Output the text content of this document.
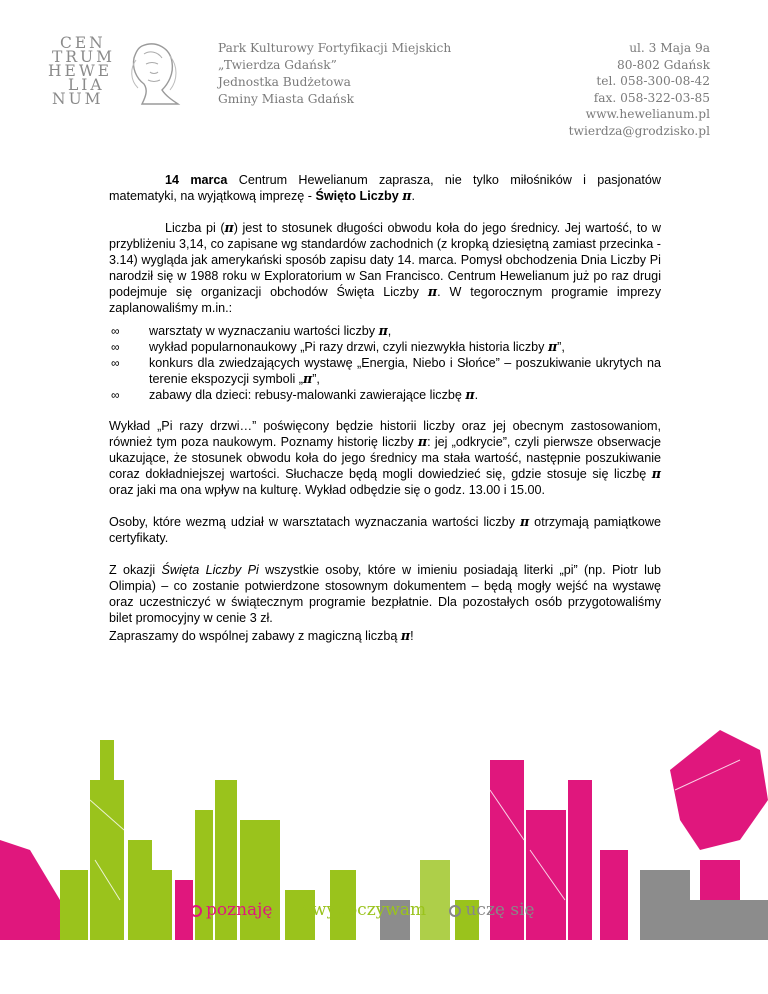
CEN
TRUM
HEWE
LIA
NUM
Park Kulturowy Fortyfikacji Miejskich
„Twierdza Gdańsk”
Jednostka Budżetowa
Gminy Miasta Gdańsk
ul. 3 Maja 9a
80-802 Gdańsk
tel. 058-300-08-42
fax. 058-322-03-85
www.hewelianum.pl
twierdza@grodzisko.pl
14 marca Centrum Hewelianum zaprasza, nie tylko miłośników i pasjonatów matematyki, na wyjątkową imprezę - Święto Liczby π.
Liczba pi (π) jest to stosunek długości obwodu koła do jego średnicy. Jej wartość, to w przybliżeniu 3,14, co zapisane wg standardów zachodnich (z kropką dziesiętną zamiast przecinka - 3.14) wygląda jak amerykański sposób zapisu daty 14. marca. Pomysł obchodzenia Dnia Liczby Pi narodził się w 1988 roku w Exploratorium w San Francisco. Centrum Hewelianum już po raz drugi podejmuje się organizacji obchodów Święta Liczby π. W tegorocznym programie imprezy zaplanowaliśmy m.in.:
∞ warsztaty w wyznaczaniu wartości liczby π,
∞ wykład popularnonaukowy „Pi razy drzwi, czyli niezwykła historia liczby π”,
∞ konkurs dla zwiedzających wystawę „Energia, Niebo i Słońce” – poszukiwanie ukrytych na terenie ekspozycji symboli „π”,
∞ zabawy dla dzieci: rebusy-malowanki zawierające liczbę π.
Wykład „Pi razy drzwi…” poświęcony będzie historii liczby oraz jej obecnym zastosowaniom, również tym poza naukowym. Poznamy historię liczby π: jej „odkrycie”, czyli pierwsze obserwacje ukazujące, że stosunek obwodu koła do jego średnicy ma stała wartość, następnie poszukiwanie coraz dokładniejszej wartości. Słuchacze będą mogli dowiedzieć się, gdzie stosuje się liczbę π oraz jaki ma ona wpływ na kulturę. Wykład odbędzie się o godz. 13.00 i 15.00.
Osoby, które wezmą udział w warsztatach wyznaczania wartości liczby π otrzymają pamiątkowe certyfikaty.
Z okazji Święta Liczby Pi wszystkie osoby, które w imieniu posiadają literki „pi” (np. Piotr lub Olimpia) – co zostanie potwierdzone stosownym dokumentem – będą mogły wejść na wystawę oraz uczestniczyć w świątecznym programie bezpłatnie. Dla pozostałych osób przygotowaliśmy bilet promocyjny w cenie 3 zł.
Zapraszamy do wspólnej zabawy z magiczną liczbą π!
poznaję wypoczywam uczę się
